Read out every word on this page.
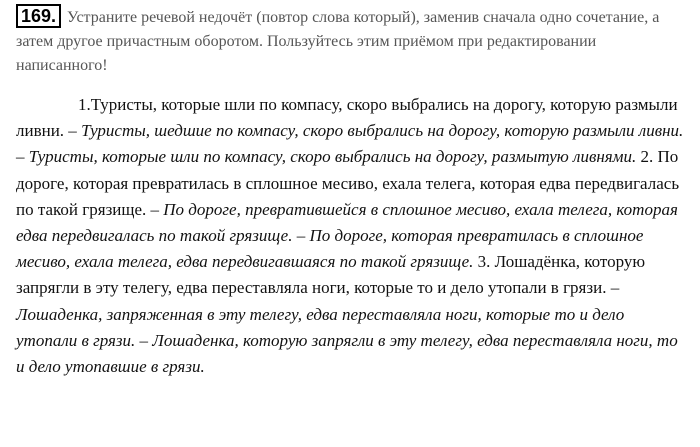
169. Устраните речевой недочёт (повтор слова который), заменив сначала одно сочетание, а затем другое причастным оборотом. Пользуйтесь этим приёмом при редактировании написанного!
1.Туристы, которые шли по компасу, скоро выбрались на дорогу, которую размыли ливни. – Туристы, шедшие по компасу, скоро выбрались на дорогу, которую размыли ливни. – Туристы, которые шли по компасу, скоро выбрались на дорогу, размытую ливнями. 2. По дороге, которая превратилась в сплошное месиво, ехала телега, которая едва передвигалась по такой грязище. – По дороге, превратившейся в сплошное месиво, ехала телега, которая едва передвигалась по такой грязище. – По дороге, которая превратилась в сплошное месиво, ехала телега, едва передвигавшаяся по такой грязище. 3. Лошадёнка, которую запрягли в эту телегу, едва переставляла ноги, которые то и дело утопали в грязи. – Лошаденка, запряженная в эту телегу, едва переставляла ноги, которые то и дело утопали в грязи. – Лошаденка, которую запрягли в эту телегу, едва переставляла ноги, то и дело утопавшие в грязи.
